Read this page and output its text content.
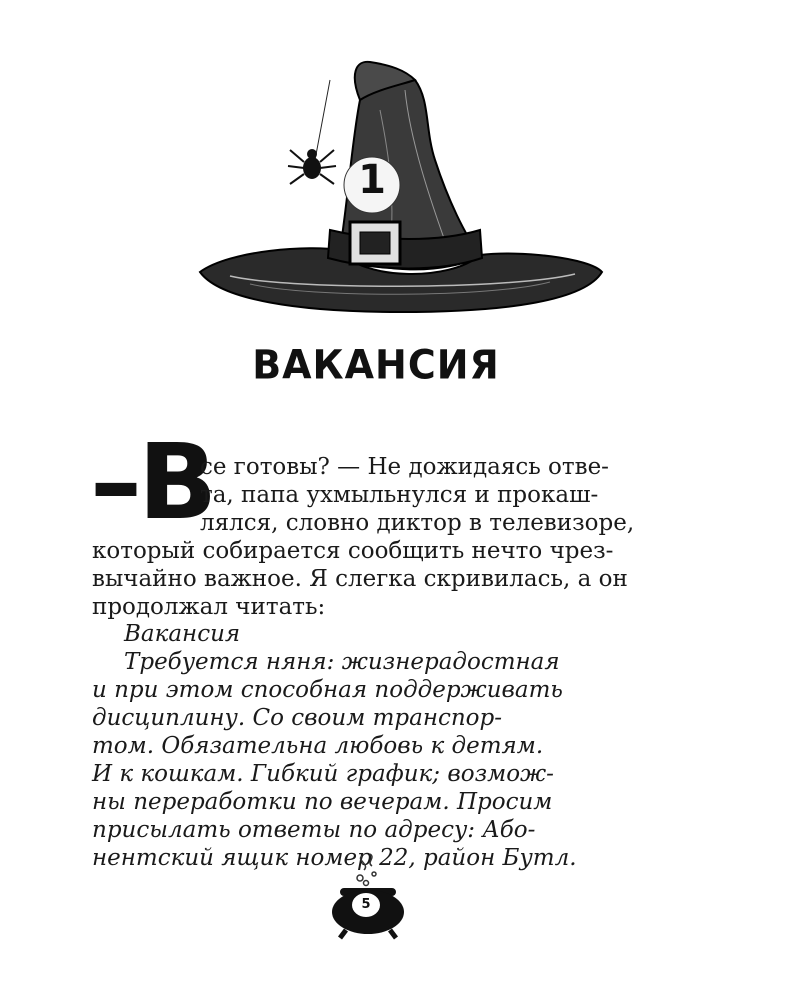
1
ВАКАНСИЯ
–В
се готовы? — Не дожидаясь отве-
та, папа ухмыльнулся и прокаш-
лялся, словно диктор в телевизоре,
который собирается сообщить нечто чрез-
вычайно важное. Я слегка скривилась, а он
продолжал читать:
Вакансия
Требуется няня: жизнерадостная
и при этом способная поддерживать
дисциплину. Со своим транспор-
том. Обязательна любовь к детям.
И к кошкам. Гибкий график; возмож-
ны переработки по вечерам. Просим
присылать ответы по адресу: Або-
нентский ящик номер 22, район Бутл.
5
